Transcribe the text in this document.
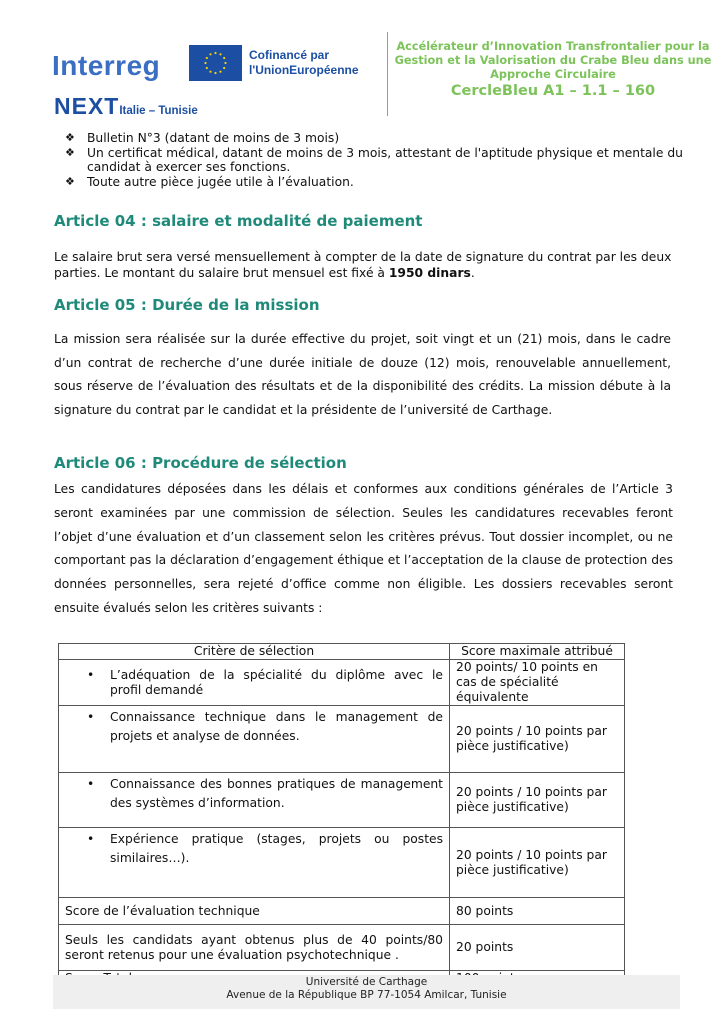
Interreg	Cofinancé par
l'UnionEuropéenne
NEXTItalie – Tunisie
Accélérateur d’Innovation Transfrontalier pour la
Gestion et la Valorisation du Crabe Bleu dans une
Approche Circulaire
CercleBleu A1 – 1.1 – 160
❖ Bulletin N°3 (datant de moins de 3 mois)
❖ Un certificat médical, datant de moins de 3 mois, attestant de l'aptitude physique et mentale du candidat à exercer ses fonctions.
❖ Toute autre pièce jugée utile à l’évaluation.
Article 04 : salaire et modalité de paiement
Le salaire brut sera versé mensuellement à compter de la date de signature du contrat par les deux parties. Le montant du salaire brut mensuel est fixé à 1950 dinars.
Article 05 : Durée de la mission
La mission sera réalisée sur la durée effective du projet, soit vingt et un (21) mois, dans le cadre d’un contrat de recherche d’une durée initiale de douze (12) mois, renouvelable annuellement, sous réserve de l’évaluation des résultats et de la disponibilité des crédits. La mission débute à la signature du contrat par le candidat et la présidente de l’université de Carthage.
Article 06 : Procédure de sélection
Les candidatures déposées dans les délais et conformes aux conditions générales de l’Article 3 seront examinées par une commission de sélection. Seules les candidatures recevables feront l’objet d’une évaluation et d’un classement selon les critères prévus. Tout dossier incomplet, ou ne comportant pas la déclaration d’engagement éthique et l’acceptation de la clause de protection des données personnelles, sera rejeté d’office comme non éligible. Les dossiers recevables seront ensuite évalués selon les critères suivants :
Critère de sélection	Score maximale attribué

• L’adéquation de la spécialité du diplôme avec le profil demandé	20 points/ 10 points en cas de spécialité équivalente

• Connaissance technique dans le management de projets et analyse de données.	20 points / 10 points par pièce justificative)

• Connaissance des bonnes pratiques de management des systèmes d’information.	20 points / 10 points par pièce justificative)

• Expérience pratique (stages, projets ou postes similaires…).	20 points / 10 points par pièce justificative)
Score de l’évaluation technique	80 points
Seuls les candidats ayant obtenus plus de 40 points/80 seront retenus pour une évaluation psychotechnique .	20 points

Université de Carthage
Avenue de la République BP 77-1054 Amilcar, Tunisie
